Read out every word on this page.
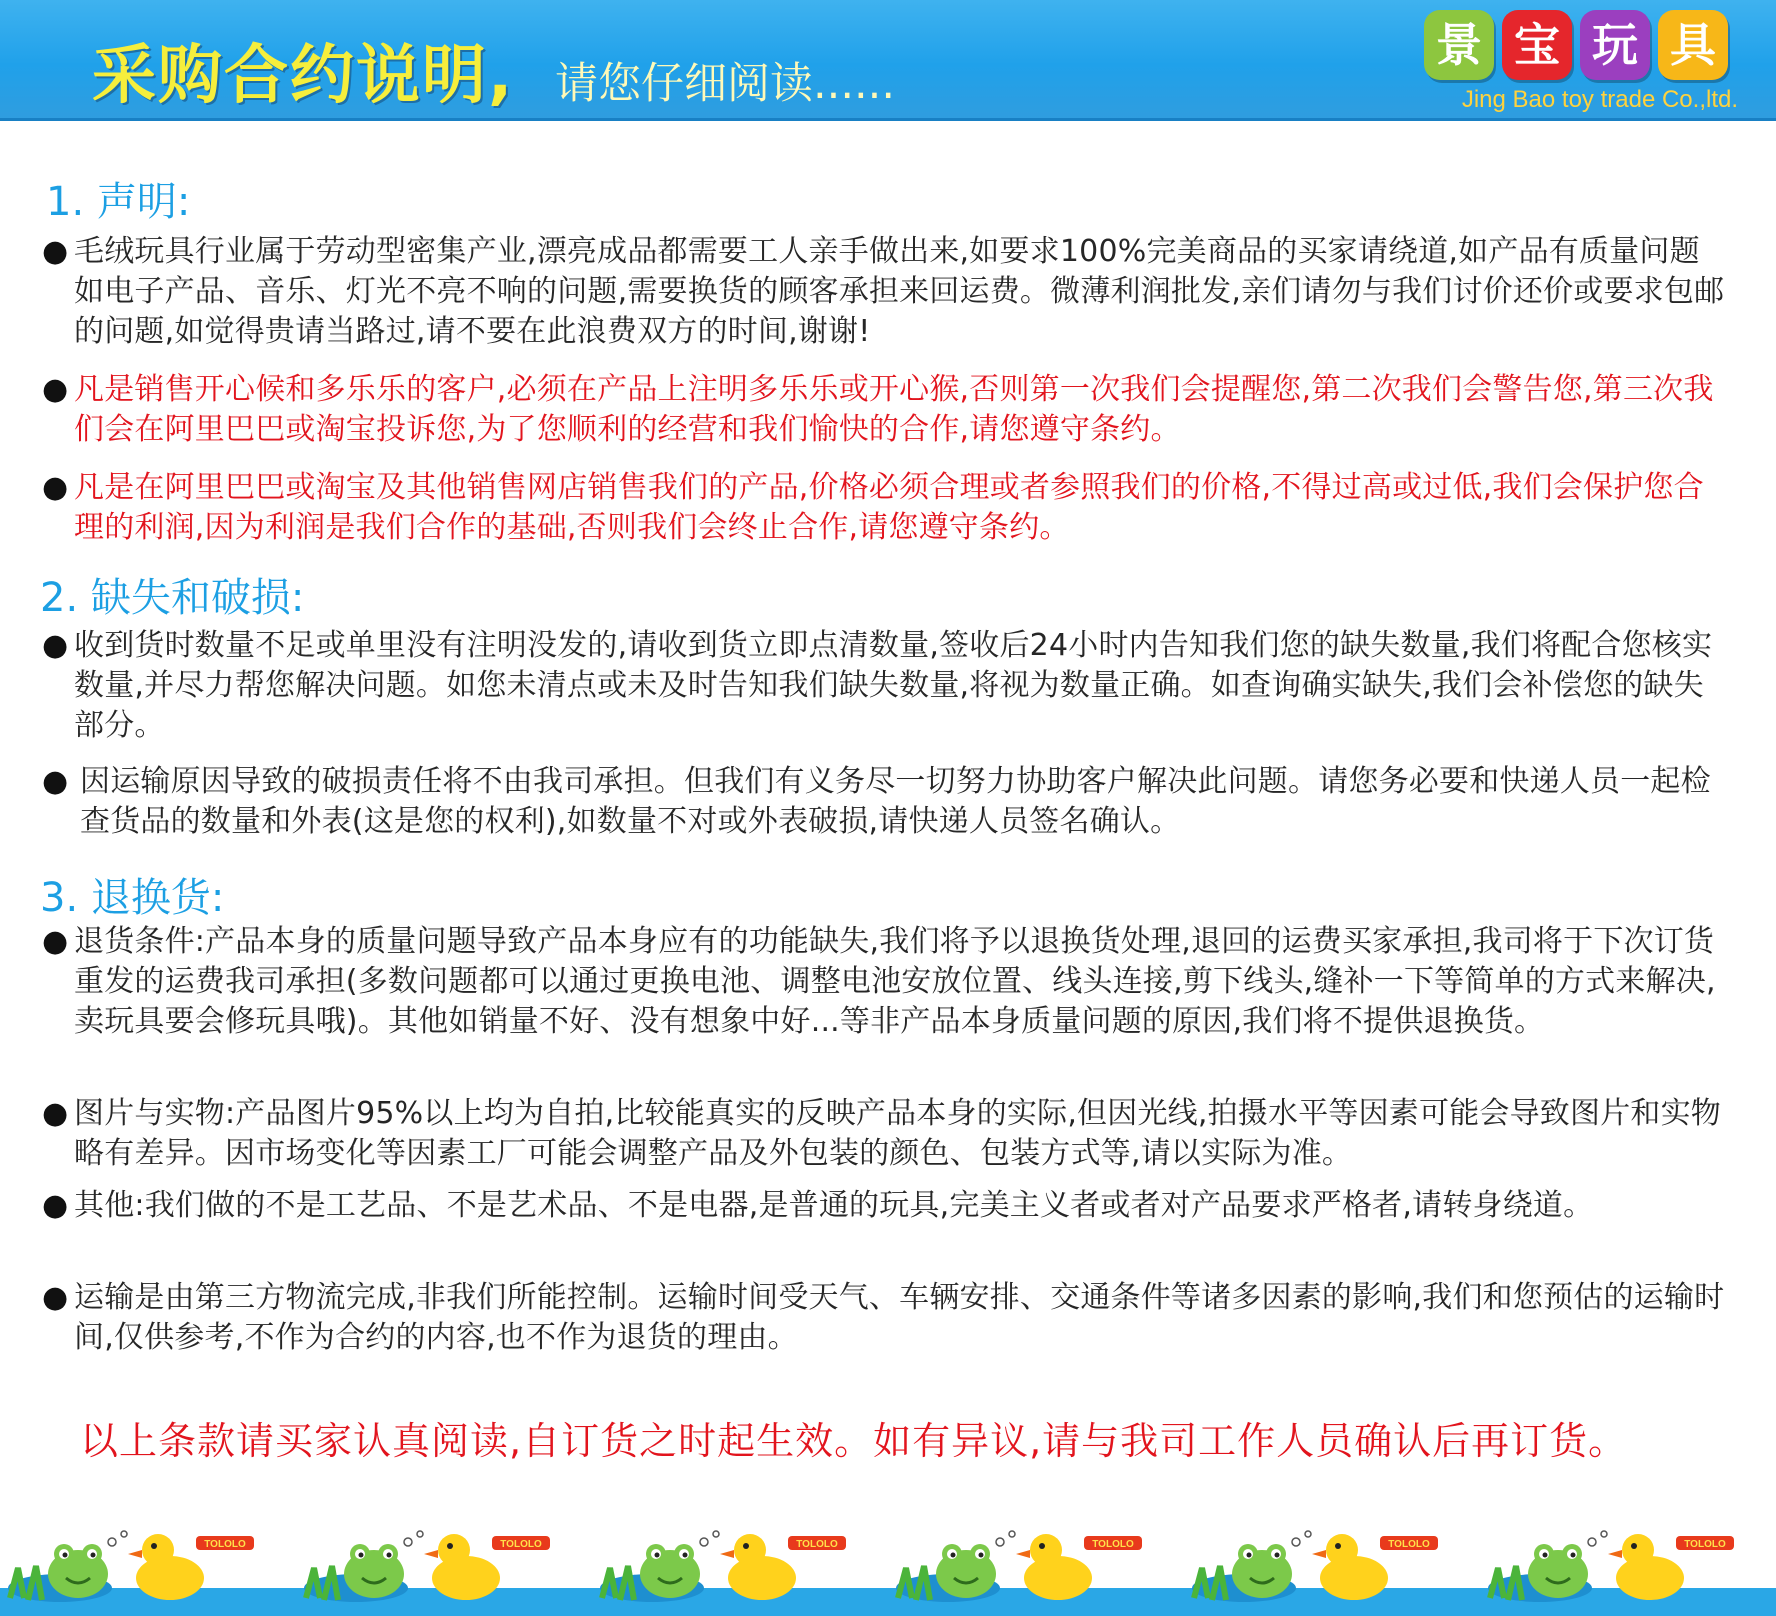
采购合约说明, 请您仔细阅读......
景 宝 玩 具
Jing Bao toy trade Co.,ltd.
1. 声明:
● 毛绒玩具行业属于劳动型密集产业,漂亮成品都需要工人亲手做出来,如要求100%完美商品的买家请绕道,如产品有质量问题如电子产品、音乐、灯光不亮不响的问题,需要换货的顾客承担来回运费。微薄利润批发,亲们请勿与我们讨价还价或要求包邮的问题,如觉得贵请当路过,请不要在此浪费双方的时间,谢谢!
● 凡是销售开心候和多乐乐的客户,必须在产品上注明多乐乐或开心猴,否则第一次我们会提醒您,第二次我们会警告您,第三次我们会在阿里巴巴或淘宝投诉您,为了您顺利的经营和我们愉快的合作,请您遵守条约。
● 凡是在阿里巴巴或淘宝及其他销售网店销售我们的产品,价格必须合理或者参照我们的价格,不得过高或过低,我们会保护您合理的利润,因为利润是我们合作的基础,否则我们会终止合作,请您遵守条约。
2. 缺失和破损:
● 收到货时数量不足或单里没有注明没发的,请收到货立即点清数量,签收后24小时内告知我们您的缺失数量,我们将配合您核实数量,并尽力帮您解决问题。如您未清点或未及时告知我们缺失数量,将视为数量正确。如查询确实缺失,我们会补偿您的缺失部分。
● 因运输原因导致的破损责任将不由我司承担。但我们有义务尽一切努力协助客户解决此问题。请您务必要和快递人员一起检查货品的数量和外表(这是您的权利),如数量不对或外表破损,请快递人员签名确认。
3. 退换货:
● 退货条件:产品本身的质量问题导致产品本身应有的功能缺失,我们将予以退换货处理,退回的运费买家承担,我司将于下次订货重发的运费我司承担(多数问题都可以通过更换电池、调整电池安放位置、线头连接,剪下线头,缝补一下等简单的方式来解决,卖玩具要会修玩具哦)。其他如销量不好、没有想象中好...等非产品本身质量问题的原因,我们将不提供退换货。
● 图片与实物:产品图片95%以上均为自拍,比较能真实的反映产品本身的实际,但因光线,拍摄水平等因素可能会导致图片和实物略有差异。因市场变化等因素工厂可能会调整产品及外包装的颜色、包装方式等,请以实际为准。
● 其他:我们做的不是工艺品、不是艺术品、不是电器,是普通的玩具,完美主义者或者对产品要求严格者,请转身绕道。
● 运输是由第三方物流完成,非我们所能控制。运输时间受天气、车辆安排、交通条件等诸多因素的影响,我们和您预估的运输时间,仅供参考,不作为合约的内容,也不作为退货的理由。
以上条款请买家认真阅读,自订货之时起生效。如有异议,请与我司工作人员确认后再订货。
TOLOLO	TOLOLO	TOLOLO	TOLOLO	TOLOLO	TOLOLO
